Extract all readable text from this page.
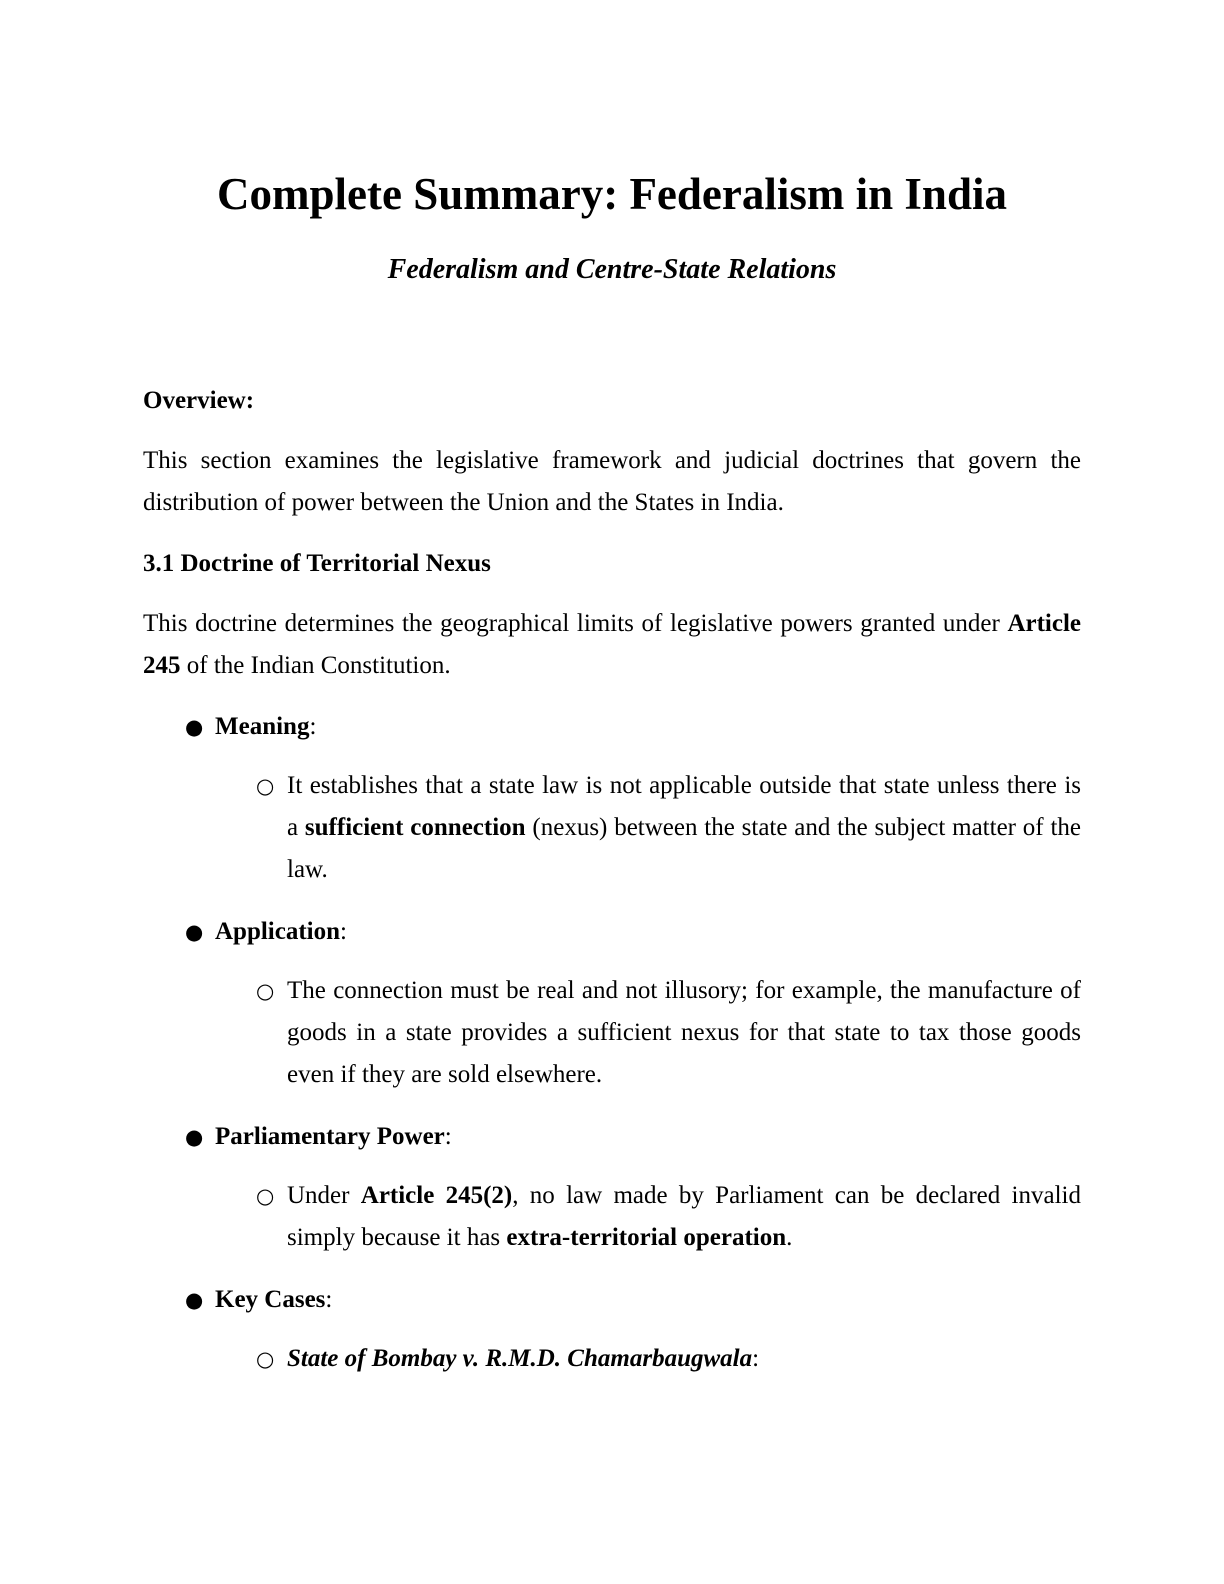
Complete Summary: Federalism in India
Federalism and Centre-State Relations
Overview:
This section examines the legislative framework and judicial doctrines that govern the distribution of power between the Union and the States in India.
3.1 Doctrine of Territorial Nexus
This doctrine determines the geographical limits of legislative powers granted under Article 245 of the Indian Constitution.
● Meaning:
○ It establishes that a state law is not applicable outside that state unless there is a sufficient connection (nexus) between the state and the subject matter of the law.
● Application:
○ The connection must be real and not illusory; for example, the manufacture of goods in a state provides a sufficient nexus for that state to tax those goods even if they are sold elsewhere.
● Parliamentary Power:
○ Under Article 245(2), no law made by Parliament can be declared invalid simply because it has extra-territorial operation.
● Key Cases:
○ State of Bombay v. R.M.D. Chamarbaugwala:
